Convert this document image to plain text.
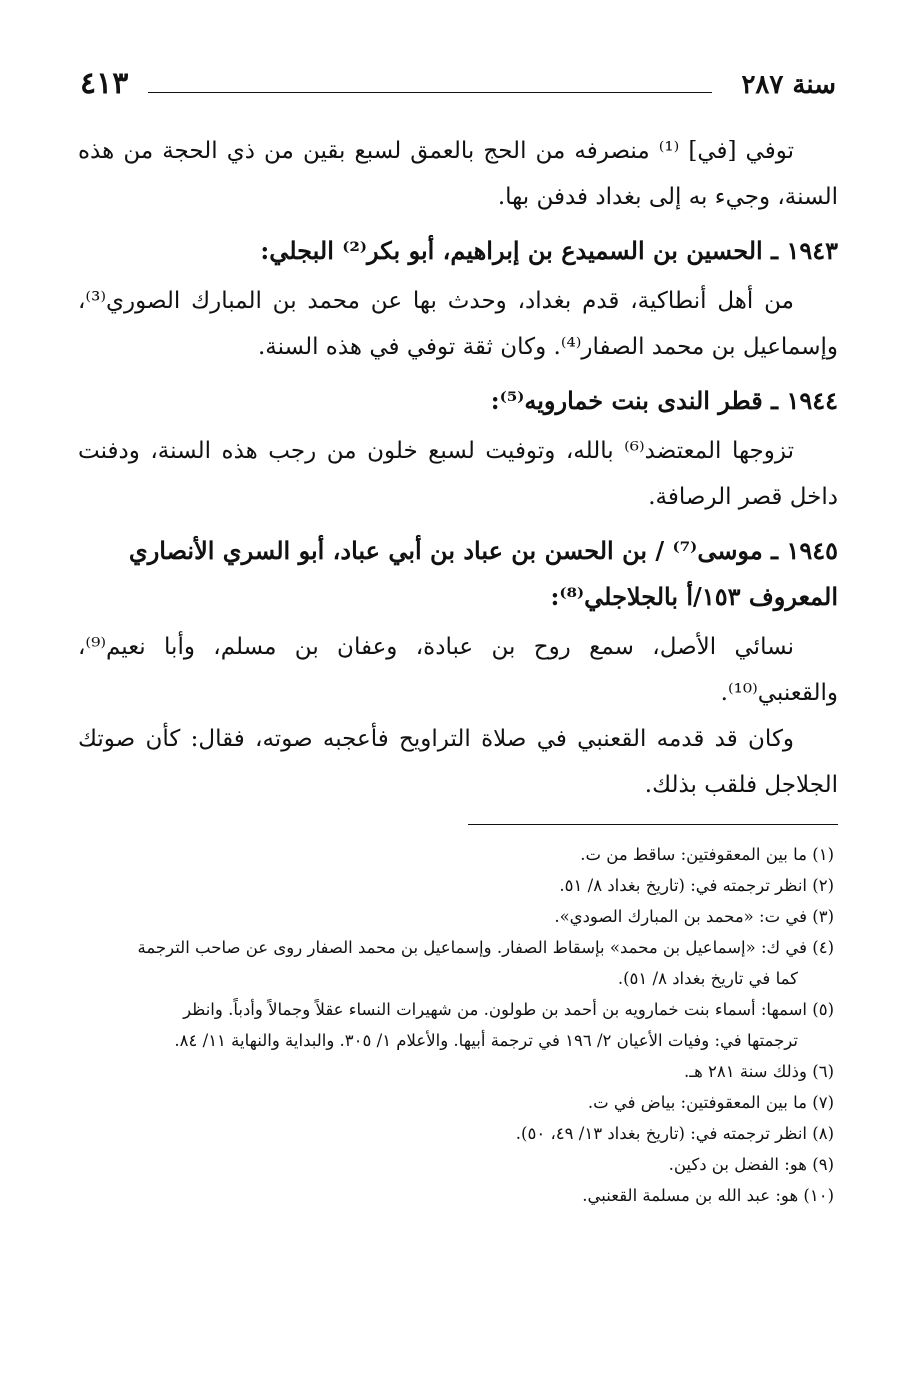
سنة ٢٨٧
٤١٣

توفي [في] ⁽¹⁾ منصرفه من الحج بالعمق لسبع بقين من ذي الحجة من هذه السنة، وجيء به إلى بغداد فدفن بها.

١٩٤٣ ـ الحسين بن السميدع بن إبراهيم، أبو بكر⁽²⁾ البجلي:

من أهل أنطاكية، قدم بغداد، وحدث بها عن محمد بن المبارك الصوري⁽³⁾، وإسماعيل بن محمد الصفار⁽⁴⁾. وكان ثقة توفي في هذه السنة.

١٩٤٤ ـ قطر الندى بنت خمارويه⁽⁵⁾:

تزوجها المعتضد⁽⁶⁾ بالله، وتوفيت لسبع خلون من رجب هذه السنة، ودفنت داخل قصر الرصافة.

١٩٤٥ ـ موسى⁽⁷⁾ / بن الحسن بن عباد بن أبي عباد، أبو السري الأنصاري المعروف ١٥٣/أ بالجلاجلي⁽⁸⁾:

نسائي الأصل، سمع روح بن عبادة، وعفان بن مسلم، وأبا نعيم⁽⁹⁾، والقعنبي⁽¹⁰⁾.

وكان قد قدمه القعنبي في صلاة التراويح فأعجبه صوته، فقال: كأن صوتك الجلاجل فلقب بذلك.

(١) ما بين المعقوفتين: ساقط من ت.

(٢) انظر ترجمته في: (تاريخ بغداد ٨/ ٥١.

(٣) في ت: «محمد بن المبارك الصودي».

(٤) في ك: «إسماعيل بن محمد» بإسقاط الصفار. وإسماعيل بن محمد الصفار روى عن صاحب الترجمة

كما في تاريخ بغداد ٨/ ٥١).

(٥) اسمها: أسماء بنت خمارويه بن أحمد بن طولون. من شهيرات النساء عقلاً وجمالاً وأدباً. وانظر

ترجمتها في: وفيات الأعيان ٢/ ١٩٦ في ترجمة أبيها. والأعلام ١/ ٣٠٥. والبداية والنهاية ١١/ ٨٤.

(٦) وذلك سنة ٢٨١ هـ.

(٧) ما بين المعقوفتين: بياض في ت.

(٨) انظر ترجمته في: (تاريخ بغداد ١٣/ ٤٩، ٥٠).

(٩) هو: الفضل بن دكين.

(١٠) هو: عبد الله بن مسلمة القعنبي.
